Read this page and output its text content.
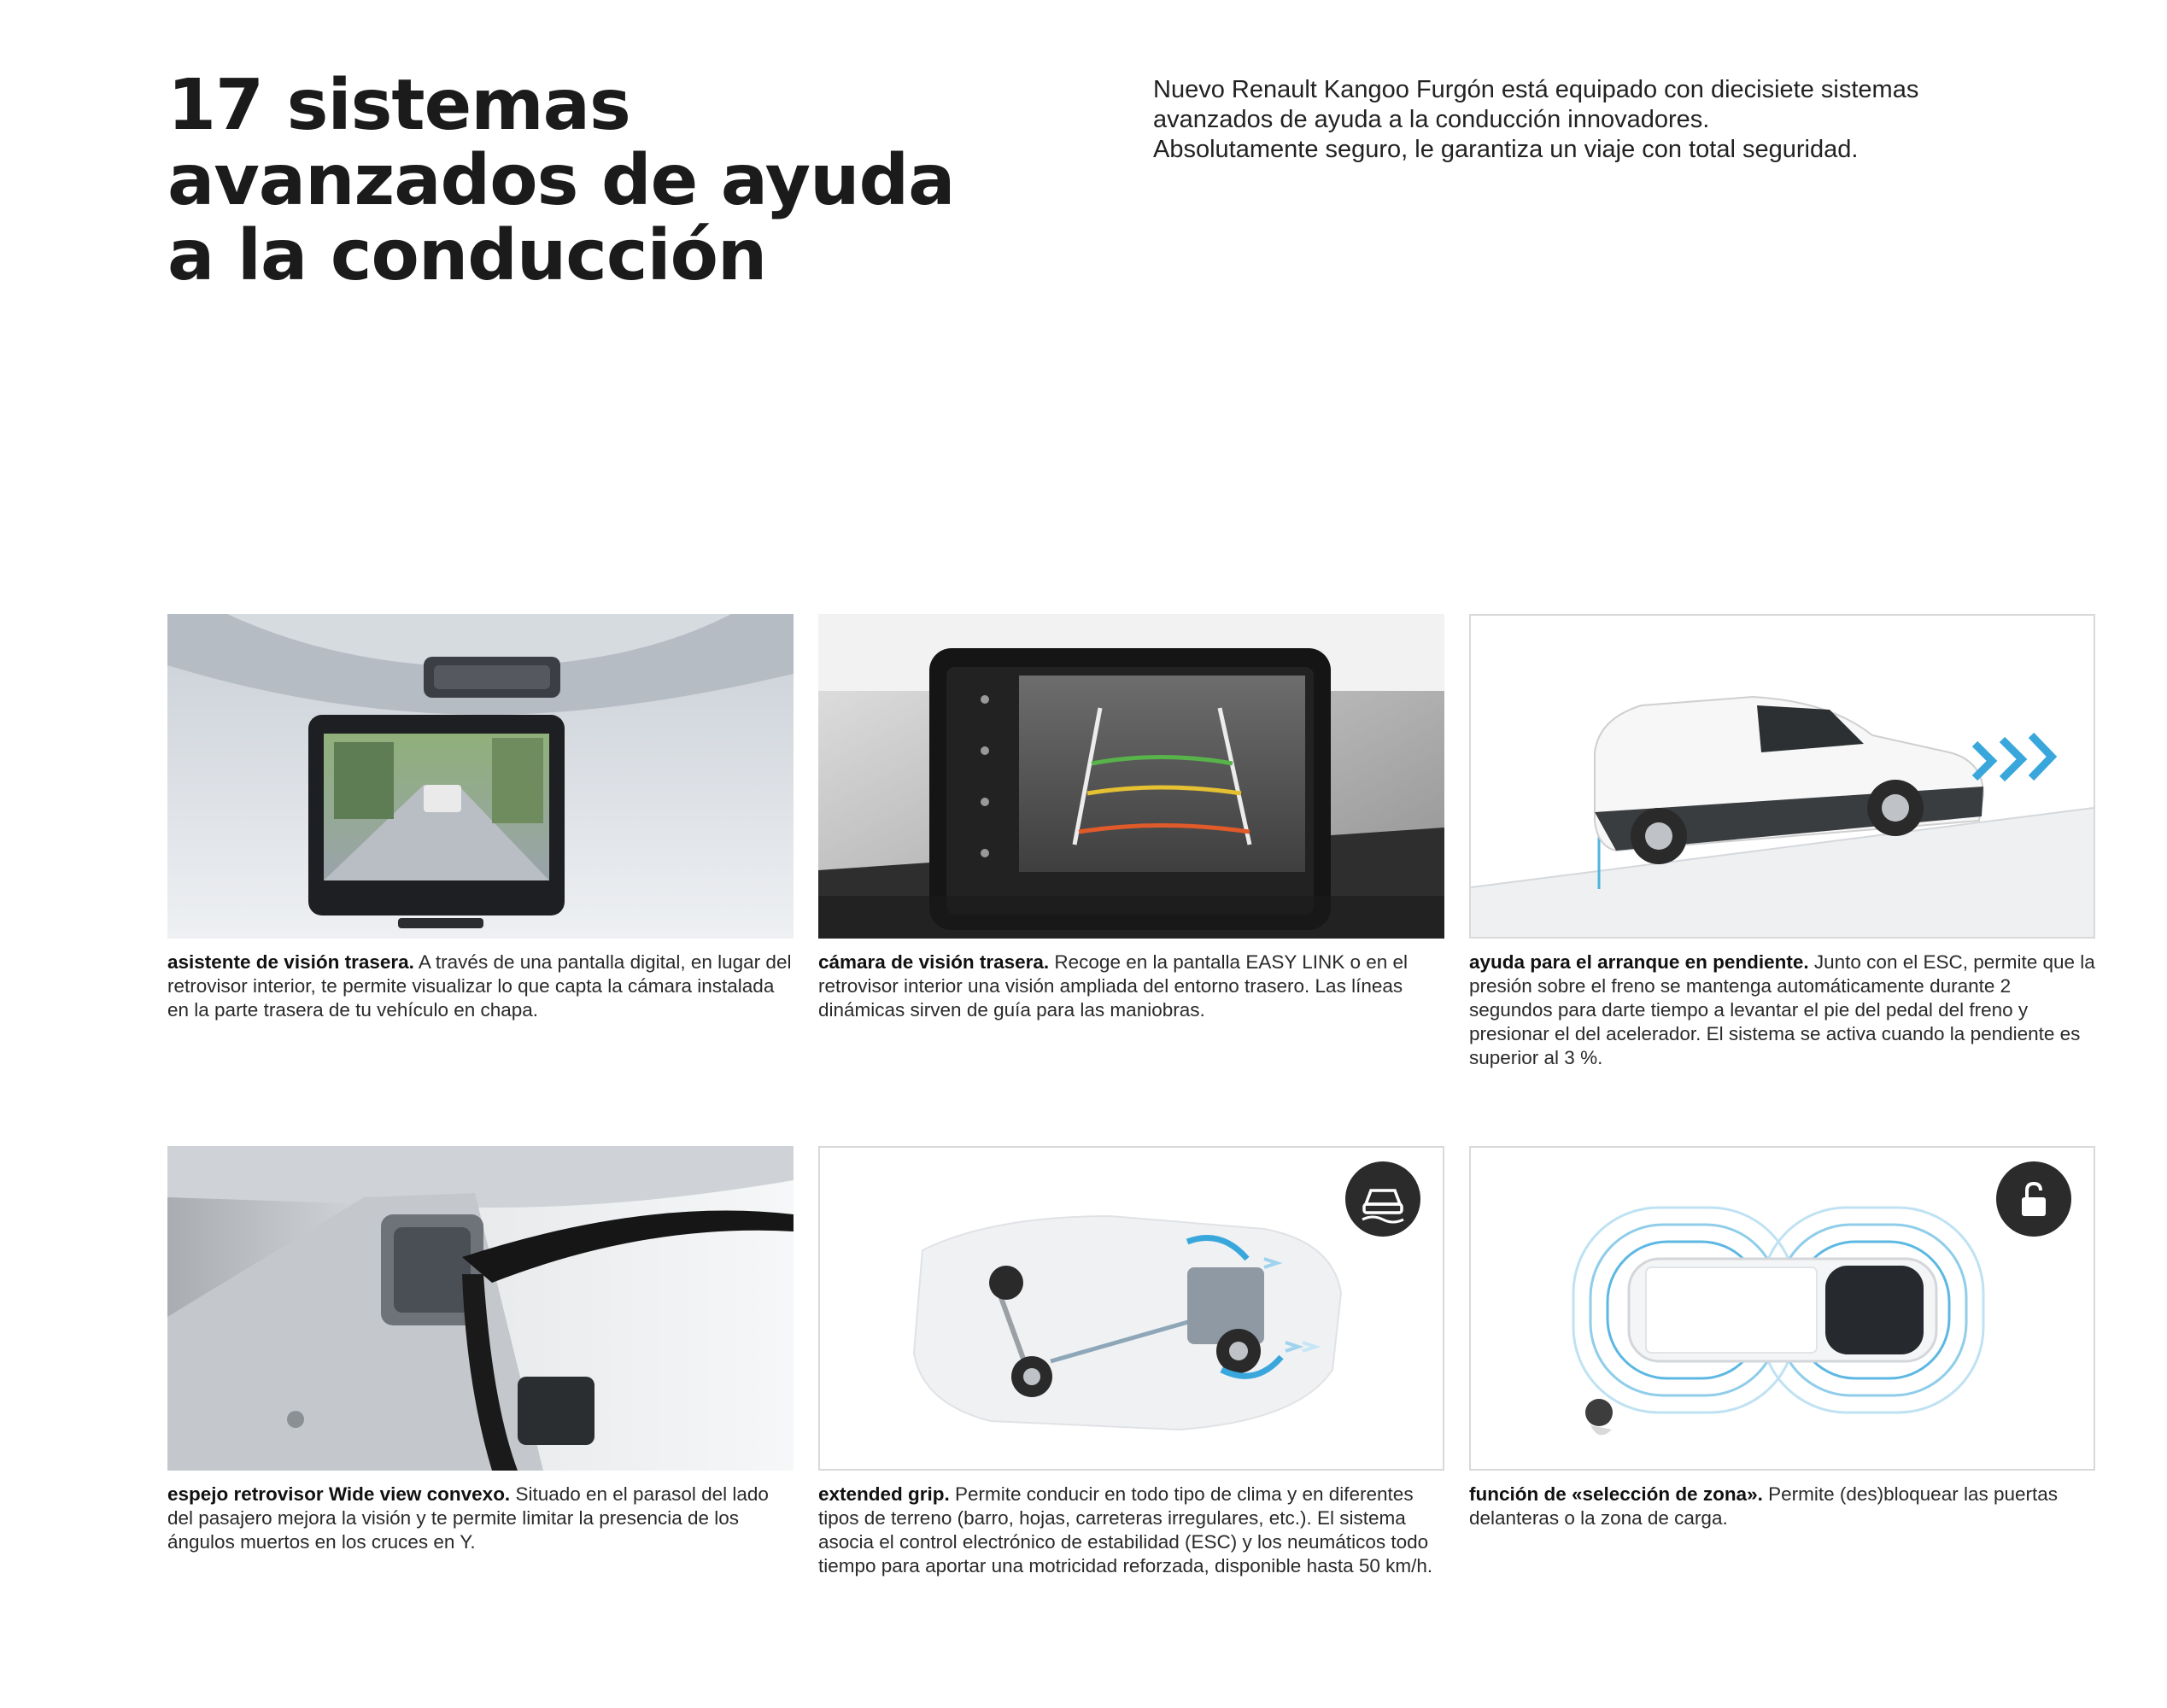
17 sistemas
avanzados de ayuda
a la conducción
Nuevo Renault Kangoo Furgón está equipado con diecisiete sistemas
avanzados de ayuda a la conducción innovadores.
Absolutamente seguro, le garantiza un viaje con total seguridad.
asistente de visión trasera. A través de una pantalla digital, en lugar del retrovisor interior, te permite visualizar lo que capta la cámara instalada en la parte trasera de tu vehículo en chapa.
cámara de visión trasera. Recoge en la pantalla EASY LINK o en el retrovisor interior una visión ampliada del entorno trasero. Las líneas dinámicas sirven de guía para las maniobras.
ayuda para el arranque en pendiente. Junto con el ESC, permite que la presión sobre el freno se mantenga automáticamente durante 2 segundos para darte tiempo a levantar el pie del pedal del freno y presionar el del acelerador. El sistema se activa cuando la pendiente es superior al 3 %.
espejo retrovisor Wide view convexo. Situado en el parasol del lado del pasajero mejora la visión y te permite limitar la presencia de los ángulos muertos en los cruces en Y.
extended grip. Permite conducir en todo tipo de clima y en diferentes tipos de terreno (barro, hojas, carreteras irregulares, etc.). El sistema asocia el control electrónico de estabilidad (ESC) y los neumáticos todo tiempo para aportar una motricidad reforzada, disponible hasta 50 km/h.
función de «selección de zona». Permite (des)bloquear las puertas delanteras o la zona de carga.
